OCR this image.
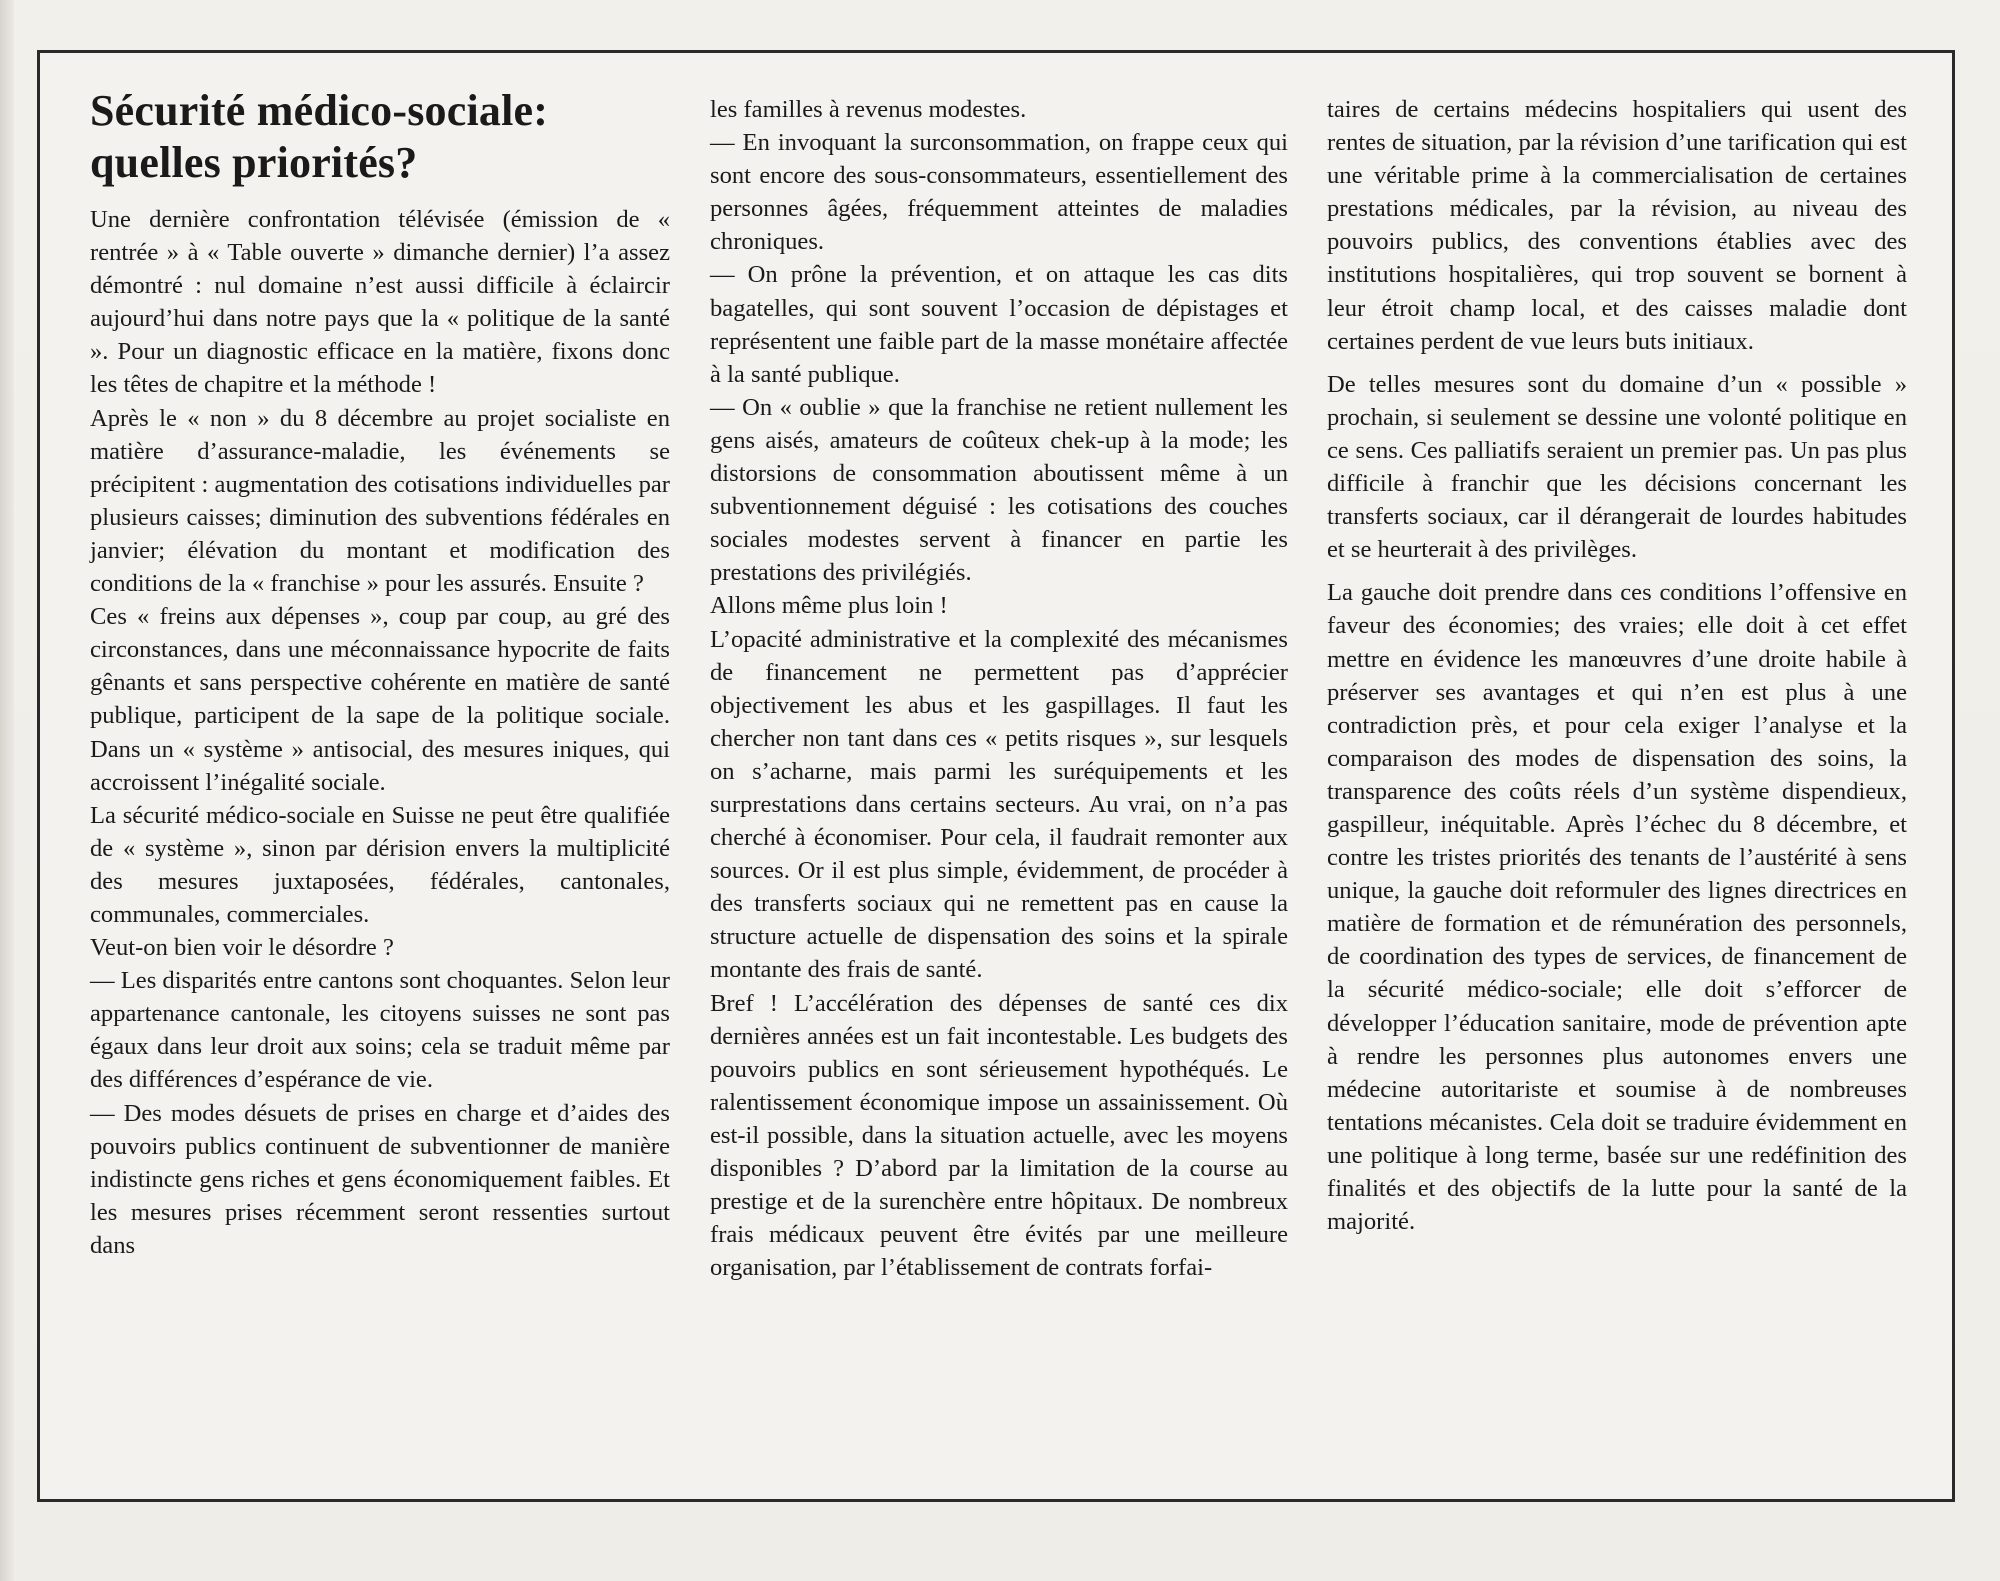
Sécurité médico-sociale:
quelles priorités?

Une dernière confrontation télévisée (émission de « rentrée » à « Table ouverte » dimanche dernier) l’a assez démontré : nul domaine n’est aussi difficile à éclaircir aujourd’hui dans notre pays que la « politique de la santé ». Pour un diagnostic efficace en la matière, fixons donc les têtes de chapitre et la méthode !

Après le « non » du 8 décembre au projet socialiste en matière d’assurance-maladie, les événements se précipitent : augmentation des cotisations individuelles par plusieurs caisses; diminution des subventions fédérales en janvier; élévation du montant et modification des conditions de la « franchise » pour les assurés. Ensuite ?

Ces « freins aux dépenses », coup par coup, au gré des circonstances, dans une méconnaissance hypocrite de faits gênants et sans perspective cohérente en matière de santé publique, participent de la sape de la politique sociale. Dans un « système » antisocial, des mesures iniques, qui accroissent l’inégalité sociale.

La sécurité médico-sociale en Suisse ne peut être qualifiée de « système », sinon par dérision envers la multiplicité des mesures juxtaposées, fédérales, cantonales, communales, commerciales.

Veut-on bien voir le désordre ?

— Les disparités entre cantons sont choquantes. Selon leur appartenance cantonale, les citoyens suisses ne sont pas égaux dans leur droit aux soins; cela se traduit même par des différences d’espérance de vie.

— Des modes désuets de prises en charge et d’aides des pouvoirs publics continuent de subventionner de manière indistincte gens riches et gens économiquement faibles. Et les mesures prises récemment seront ressenties surtout dans

les familles à revenus modestes.

— En invoquant la surconsommation, on frappe ceux qui sont encore des sous-consommateurs, essentiellement des personnes âgées, fréquemment atteintes de maladies chroniques.

— On prône la prévention, et on attaque les cas dits bagatelles, qui sont souvent l’occasion de dépistages et représentent une faible part de la masse monétaire affectée à la santé publique.

— On « oublie » que la franchise ne retient nullement les gens aisés, amateurs de coûteux chek-up à la mode; les distorsions de consommation aboutissent même à un subventionnement déguisé : les cotisations des couches sociales modestes servent à financer en partie les prestations des privilégiés.

Allons même plus loin !

L’opacité administrative et la complexité des mécanismes de financement ne permettent pas d’apprécier objectivement les abus et les gaspillages. Il faut les chercher non tant dans ces « petits risques », sur lesquels on s’acharne, mais parmi les suréquipements et les surprestations dans certains secteurs. Au vrai, on n’a pas cherché à économiser. Pour cela, il faudrait remonter aux sources. Or il est plus simple, évidemment, de procéder à des transferts sociaux qui ne remettent pas en cause la structure actuelle de dispensation des soins et la spirale montante des frais de santé.

Bref ! L’accélération des dépenses de santé ces dix dernières années est un fait incontestable. Les budgets des pouvoirs publics en sont sérieusement hypothéqués. Le ralentissement économique impose un assainissement. Où est-il possible, dans la situation actuelle, avec les moyens disponibles ? D’abord par la limitation de la course au prestige et de la surenchère entre hôpitaux. De nombreux frais médicaux peuvent être évités par une meilleure organisation, par l’établissement de contrats forfai-

taires de certains médecins hospitaliers qui usent des rentes de situation, par la révision d’une tarification qui est une véritable prime à la commercialisation de certaines prestations médicales, par la révision, au niveau des pouvoirs publics, des conventions établies avec des institutions hospitalières, qui trop souvent se bornent à leur étroit champ local, et des caisses maladie dont certaines perdent de vue leurs buts initiaux.

De telles mesures sont du domaine d’un « possible » prochain, si seulement se dessine une volonté politique en ce sens. Ces palliatifs seraient un premier pas. Un pas plus difficile à franchir que les décisions concernant les transferts sociaux, car il dérangerait de lourdes habitudes et se heurterait à des privilèges.

La gauche doit prendre dans ces conditions l’offensive en faveur des économies; des vraies; elle doit à cet effet mettre en évidence les manœuvres d’une droite habile à préserver ses avantages et qui n’en est plus à une contradiction près, et pour cela exiger l’analyse et la comparaison des modes de dispensation des soins, la transparence des coûts réels d’un système dispendieux, gaspilleur, inéquitable. Après l’échec du 8 décembre, et contre les tristes priorités des tenants de l’austérité à sens unique, la gauche doit reformuler des lignes directrices en matière de formation et de rémunération des personnels, de coordination des types de services, de financement de la sécurité médico-sociale; elle doit s’efforcer de développer l’éducation sanitaire, mode de prévention apte à rendre les personnes plus autonomes envers une médecine autoritariste et soumise à de nombreuses tentations mécanistes. Cela doit se traduire évidemment en une politique à long terme, basée sur une redéfinition des finalités et des objectifs de la lutte pour la santé de la majorité.
